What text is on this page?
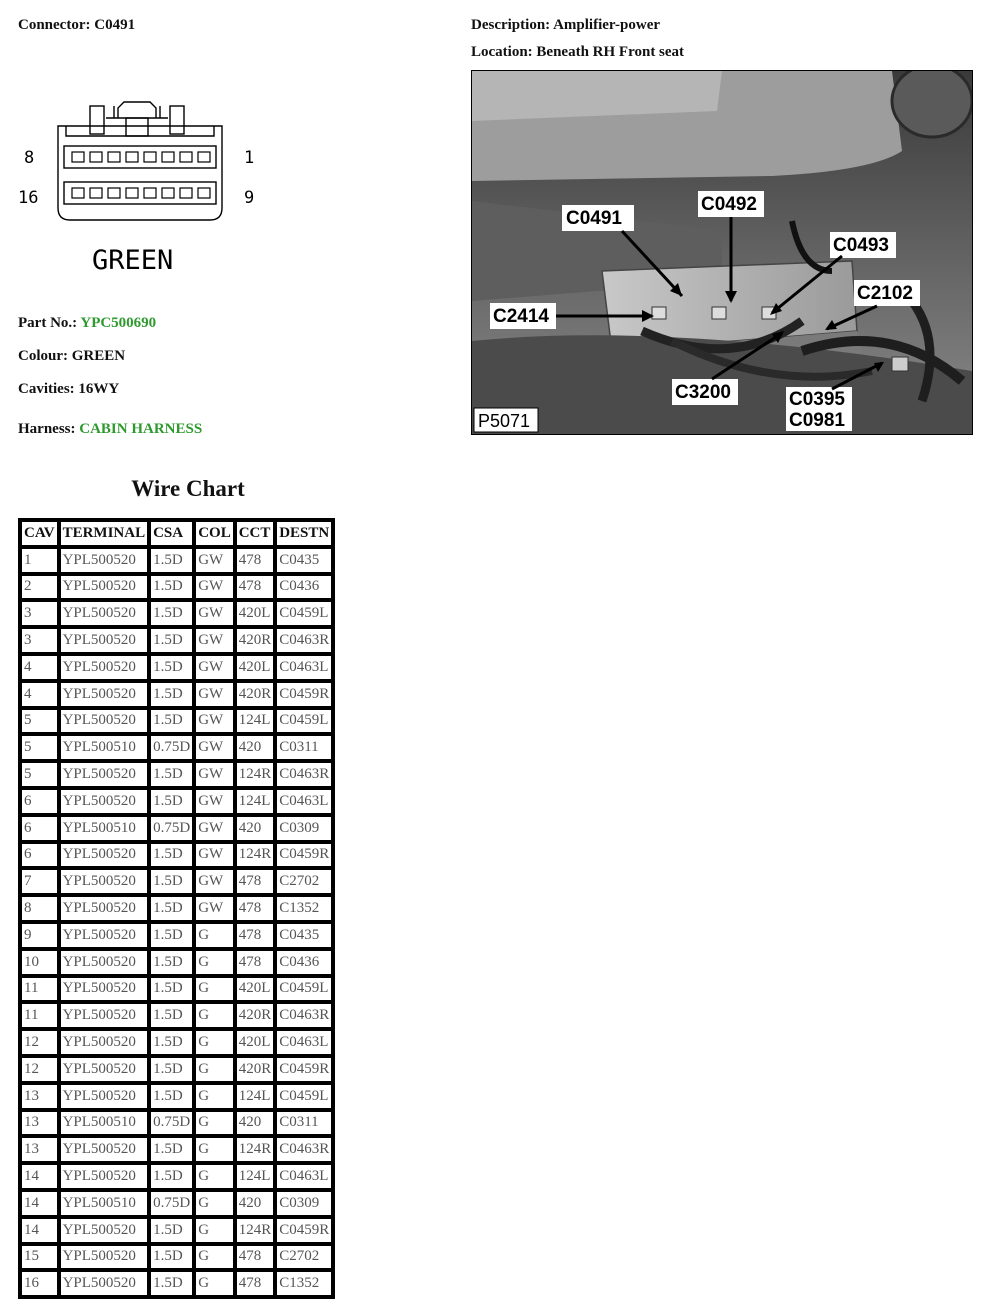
Connector: C0491	Description: Amplifier-power
Location: Beneath RH Front seat
8	1
16	9
GREEN
Part No.: YPC500690
Colour: GREEN
Cavities: 16WY
Harness: CABIN HARNESS
C0491
C0492
C0493
C2102
C2414
C3200	C0395
C0981
P5071
Wire Chart
CAV	TERMINAL	CSA	COL	CCT	DESTN
1	YPL500520	1.5D	GW	478	C0435
2	YPL500520	1.5D	GW	478	C0436
3	YPL500520	1.5D	GW	420L	C0459L
3	YPL500520	1.5D	GW	420R	C0463R
4	YPL500520	1.5D	GW	420L	C0463L
4	YPL500520	1.5D	GW	420R	C0459R
5	YPL500520	1.5D	GW	124L	C0459L
5	YPL500510	0.75D	GW	420	C0311
5	YPL500520	1.5D	GW	124R	C0463R
6	YPL500520	1.5D	GW	124L	C0463L
6	YPL500510	0.75D	GW	420	C0309
6	YPL500520	1.5D	GW	124R	C0459R
7	YPL500520	1.5D	GW	478	C2702
8	YPL500520	1.5D	GW	478	C1352
9	YPL500520	1.5D	G	478	C0435
10	YPL500520	1.5D	G	478	C0436
11	YPL500520	1.5D	G	420L	C0459L
11	YPL500520	1.5D	G	420R	C0463R
12	YPL500520	1.5D	G	420L	C0463L
12	YPL500520	1.5D	G	420R	C0459R
13	YPL500520	1.5D	G	124L	C0459L
13	YPL500510	0.75D	G	420	C0311
13	YPL500520	1.5D	G	124R	C0463R
14	YPL500520	1.5D	G	124L	C0463L
14	YPL500510	0.75D	G	420	C0309
14	YPL500520	1.5D	G	124R	C0459R
15	YPL500520	1.5D	G	478	C2702
16	YPL500520	1.5D	G	478	C1352
